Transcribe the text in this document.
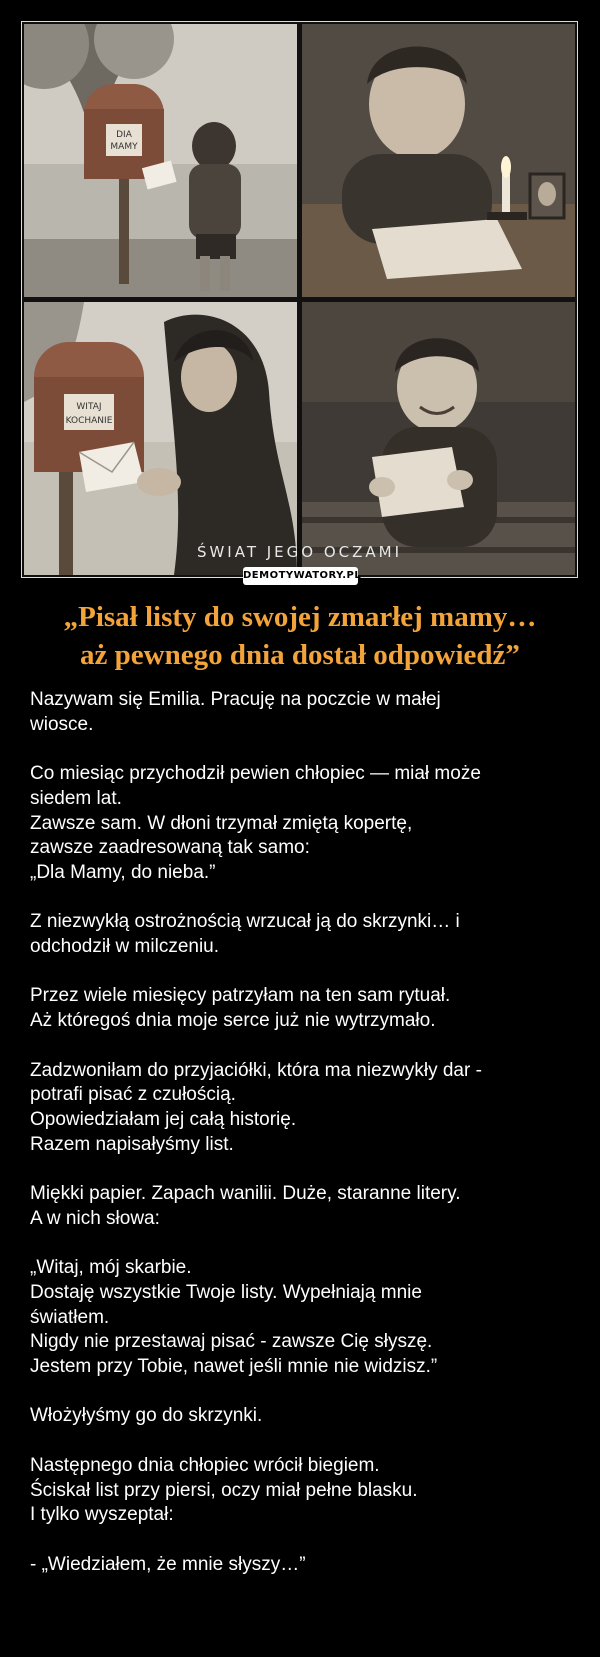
DIA
MAMY
WITAJ
KOCHANIE
ŚWIAT JEGO OCZAMI
DEMOTYWATORY.PL
„Pisał listy do swojej zmarłej mamy…
aż pewnego dnia dostał odpowiedź”
Nazywam się Emilia. Pracuję na poczcie w małej
wiosce.

Co miesiąc przychodził pewien chłopiec — miał może
siedem lat.
Zawsze sam. W dłoni trzymał zmiętą kopertę,
zawsze zaadresowaną tak samo:
„Dla Mamy, do nieba.”

Z niezwykłą ostrożnością wrzucał ją do skrzynki… i
odchodził w milczeniu.

Przez wiele miesięcy patrzyłam na ten sam rytuał.
Aż któregoś dnia moje serce już nie wytrzymało.

Zadzwoniłam do przyjaciółki, która ma niezwykły dar -
potrafi pisać z czułością.
Opowiedziałam jej całą historię.
Razem napisałyśmy list.

Miękki papier. Zapach wanilii. Duże, staranne litery.
A w nich słowa:

„Witaj, mój skarbie.
Dostaję wszystkie Twoje listy. Wypełniają mnie
światłem.
Nigdy nie przestawaj pisać - zawsze Cię słyszę.
Jestem przy Tobie, nawet jeśli mnie nie widzisz.”

Włożyłyśmy go do skrzynki.

Następnego dnia chłopiec wrócił biegiem.
Ściskał list przy piersi, oczy miał pełne blasku.
I tylko wyszeptał:

- „Wiedziałem, że mnie słyszy…”
